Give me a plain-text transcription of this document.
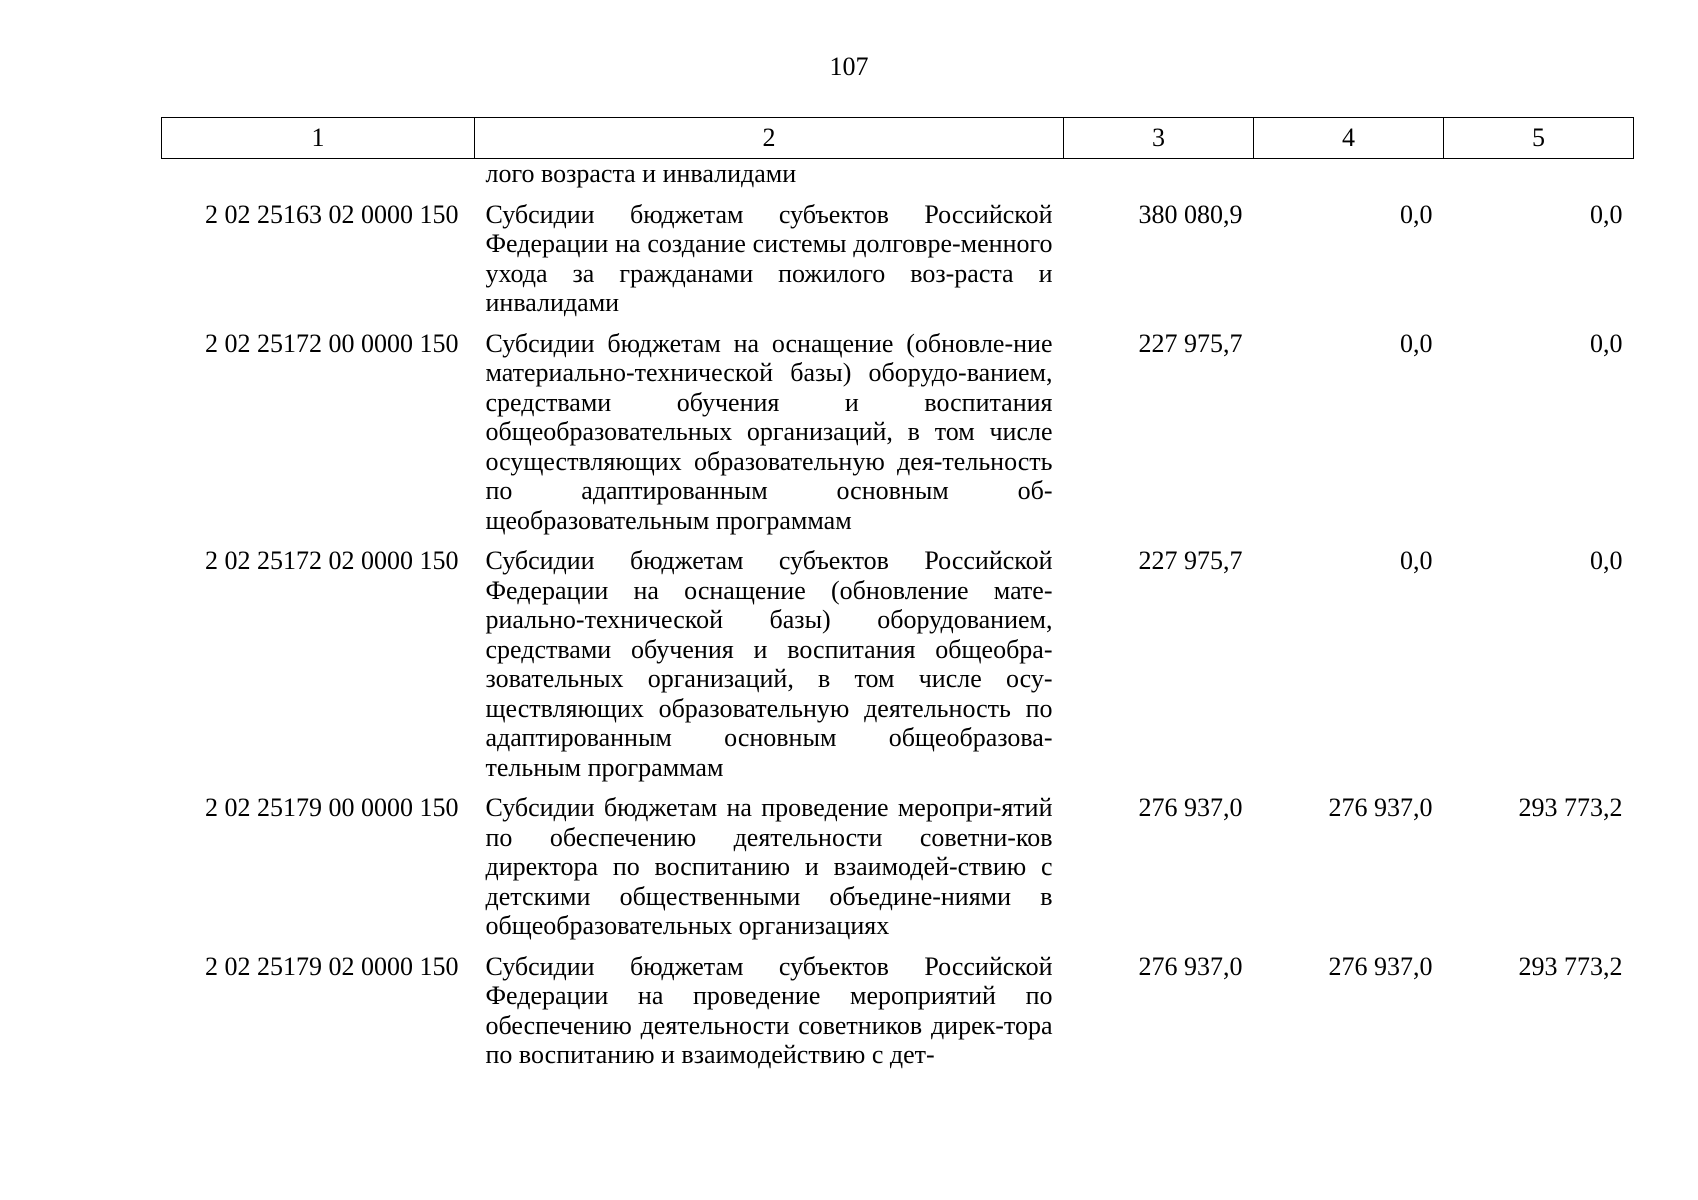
107
1	2	3	4	5
	лого возраста и инвалидами			
2 02 25163 02 0000 150	Субсидии бюджетам субъектов Российской Федерации на создание системы долговре-менного ухода за гражданами пожилого воз-раста и инвалидами	380 080,9	0,0	0,0
2 02 25172 00 0000 150	Субсидии бюджетам на оснащение (обновле-ние материально-технической базы) оборудо-ванием, средствами обучения и воспитания общеобразовательных организаций, в том числе осуществляющих образовательную дея-тельность по адаптированным основным об-щеобразовательным программам	227 975,7	0,0	0,0
2 02 25172 02 0000 150	Субсидии бюджетам субъектов Российской Федерации на оснащение (обновление мате-риально-технической базы) оборудованием, средствами обучения и воспитания общеобра-зовательных организаций, в том числе осу-ществляющих образовательную деятельность по адаптированным основным общеобразова-тельным программам	227 975,7	0,0	0,0
2 02 25179 00 0000 150	Субсидии бюджетам на проведение меропри-ятий по обеспечению деятельности советни-ков директора по воспитанию и взаимодей-ствию с детскими общественными объедине-ниями в общеобразовательных организациях	276 937,0	276 937,0	293 773,2
2 02 25179 02 0000 150	Субсидии бюджетам субъектов Российской Федерации на проведение мероприятий по обеспечению деятельности советников дирек-тора по воспитанию и взаимодействию с дет-	276 937,0	276 937,0	293 773,2
